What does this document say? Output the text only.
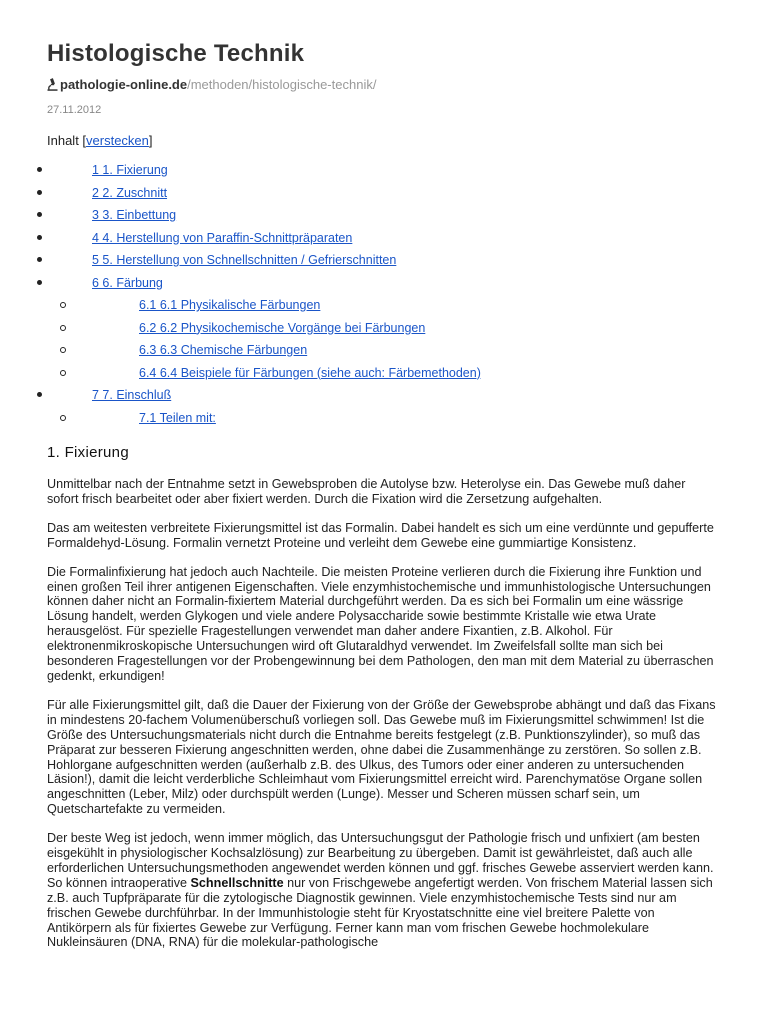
Histologische Technik
pathologie-online.de/methoden/histologische-technik/
27.11.2012
Inhalt [verstecken]
1 1. Fixierung
2 2. Zuschnitt
3 3. Einbettung
4 4. Herstellung von Paraffin-Schnittpräparaten
5 5. Herstellung von Schnellschnitten / Gefrierschnitten
6 6. Färbung
6.1 6.1 Physikalische Färbungen
6.2 6.2 Physikochemische Vorgänge bei Färbungen
6.3 6.3 Chemische Färbungen
6.4 6.4 Beispiele für Färbungen (siehe auch: Färbemethoden)
7 7. Einschluß
7.1 Teilen mit:
1. Fixierung

Unmittelbar nach der Entnahme setzt in Gewebsproben die Autolyse bzw. Heterolyse ein. Das Gewebe muß daher sofort frisch bearbeitet oder aber fixiert werden. Durch die Fixation wird die Zersetzung aufgehalten.

Das am weitesten verbreitete Fixierungsmittel ist das Formalin. Dabei handelt es sich um eine verdünnte und gepufferte Formaldehyd-Lösung. Formalin vernetzt Proteine und verleiht dem Gewebe eine gummiartige Konsistenz.

Die Formalinfixierung hat jedoch auch Nachteile. Die meisten Proteine verlieren durch die Fixierung ihre Funktion und einen großen Teil ihrer antigenen Eigenschaften. Viele enzymhistochemische und immunhistologische Untersuchungen können daher nicht an Formalin-fixiertem Material durchgeführt werden. Da es sich bei Formalin um eine wässrige Lösung handelt, werden Glykogen und viele andere Polysaccharide sowie bestimmte Kristalle wie etwa Urate herausgelöst. Für spezielle Fragestellungen verwendet man daher andere Fixantien, z.B. Alkohol. Für elektronenmikroskopische Untersuchungen wird oft Glutaraldhyd verwendet. Im Zweifelsfall sollte man sich bei besonderen Fragestellungen vor der Probengewinnung bei dem Pathologen, den man mit dem Material zu überraschen gedenkt, erkundigen!

Für alle Fixierungsmittel gilt, daß die Dauer der Fixierung von der Größe der Gewebsprobe abhängt und daß das Fixans in mindestens 20-fachem Volumenüberschuß vorliegen soll. Das Gewebe muß im Fixierungsmittel schwimmen! Ist die Größe des Untersuchungsmaterials nicht durch die Entnahme bereits festgelegt (z.B. Punktionszylinder), so muß das Präparat zur besseren Fixierung angeschnitten werden, ohne dabei die Zusammenhänge zu zerstören. So sollen z.B. Hohlorgane aufgeschnitten werden (außerhalb z.B. des Ulkus, des Tumors oder einer anderen zu untersuchenden Läsion!), damit die leicht verderbliche Schleimhaut vom Fixierungsmittel erreicht wird. Parenchymatöse Organe sollen angeschnitten (Leber, Milz) oder durchspült werden (Lunge). Messer und Scheren müssen scharf sein, um Quetschartefakte zu vermeiden.

Der beste Weg ist jedoch, wenn immer möglich, das Untersuchungsgut der Pathologie frisch und unfixiert (am besten eisgekühlt in physiologischer Kochsalzlösung) zur Bearbeitung zu übergeben. Damit ist gewährleistet, daß auch alle erforderlichen Untersuchungsmethoden angewendet werden können und ggf. frisches Gewebe asserviert werden kann. So können intraoperative Schnellschnitte nur von Frischgewebe angefertigt werden. Von frischem Material lassen sich z.B. auch Tupfpräparate für die zytologische Diagnostik gewinnen. Viele enzymhistochemische Tests sind nur am frischen Gewebe durchführbar. In der Immunhistologie steht für Kryostatschnitte eine viel breitere Palette von Antikörpern als für fixiertes Gewebe zur Verfügung. Ferner kann man vom frischen Gewebe hochmolekulare Nukleinsäuren (DNA, RNA) für die molekular-pathologische
